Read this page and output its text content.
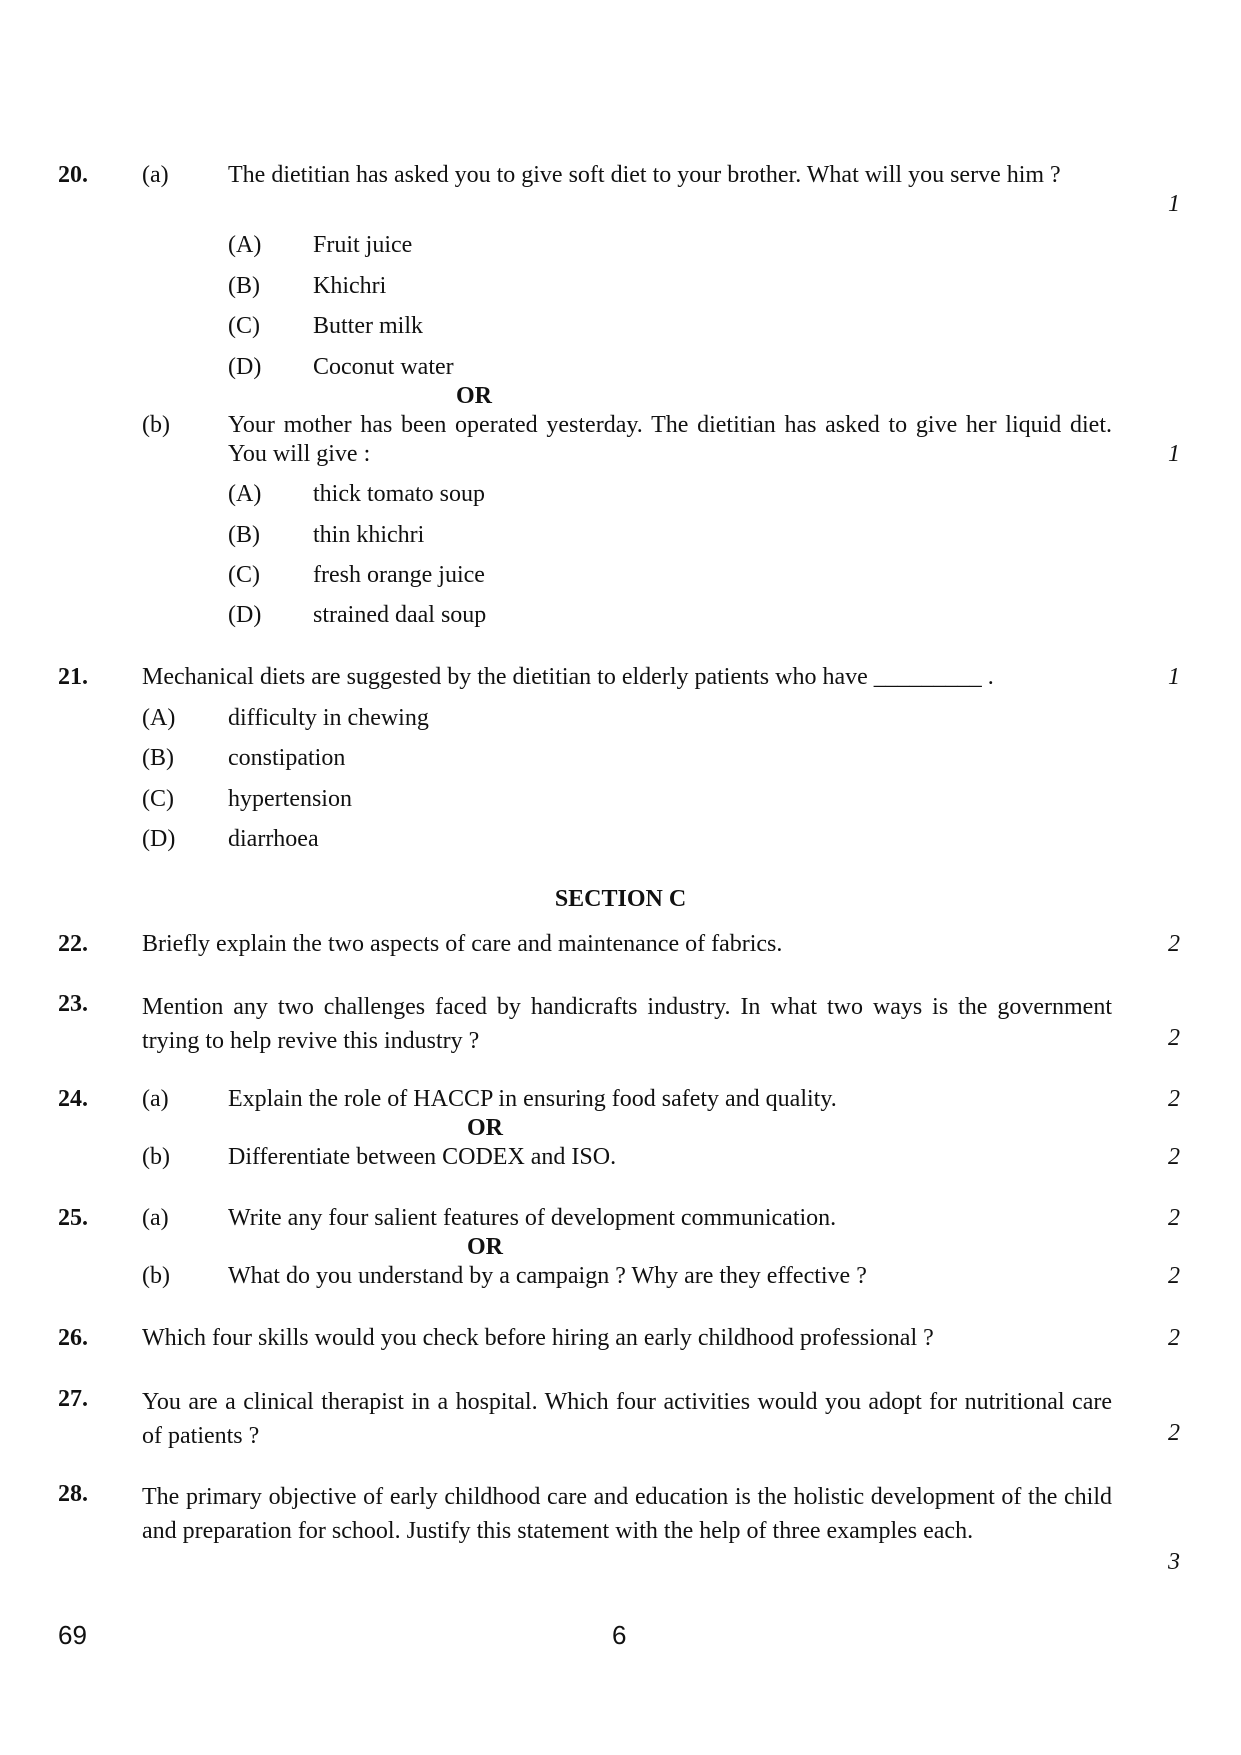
20. (a) The dietitian has asked you to give soft diet to your brother. What will you serve him ?
1
(A) Fruit juice
(B) Khichri
(C) Butter milk
(D) Coconut water
OR
(b) Your mother has been operated yesterday. The dietitian has asked to give her liquid diet. You will give :	1
(A) thick tomato soup
(B) thin khichri
(C) fresh orange juice
(D) strained daal soup
21. Mechanical diets are suggested by the dietitian to elderly patients who have _________ .	1
(A) difficulty in chewing
(B) constipation
(C) hypertension
(D) diarrhoea
SECTION C
22. Briefly explain the two aspects of care and maintenance of fabrics.	2
23. Mention any two challenges faced by handicrafts industry. In what two ways is the government trying to help revive this industry ?	2
24. (a) Explain the role of HACCP in ensuring food safety and quality.	2
OR
(b) Differentiate between CODEX and ISO.	2
25. (a) Write any four salient features of development communication.	2
OR
(b) What do you understand by a campaign ? Why are they effective ?	2
26. Which four skills would you check before hiring an early childhood professional ?	2
27. You are a clinical therapist in a hospital. Which four activities would you adopt for nutritional care of patients ?	2
28. The primary objective of early childhood care and education is the holistic development of the child and preparation for school. Justify this statement with the help of three examples each.
3
69	6
